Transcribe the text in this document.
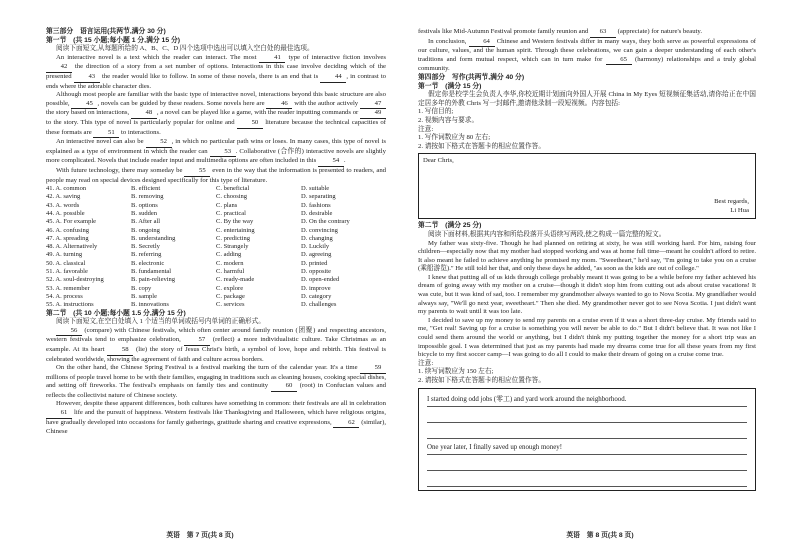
第三部分　语言运用(共两节,满分 30 分)

第一节　(共 15 小题;每小题 1 分,满分 15 分)

阅读下面短文,从每题所给的 A、B、C、D 四个选项中选出可以填入空白处的最佳选项。

An interactive novel is a text which the reader can interact. The most	41 type of interactive fiction involves 42 the direction of a story from a set number of options. Interactions in this case involve deciding which of the presented	43 the reader would like to follow. In some of these novels, there is an end that is	44 , in contrast to ends where the adorable character dies.

Although most people are familiar with the basic type of interactive novel, interactions beyond this basic structure are also possible, 45 , novels can be guided by these readers. Some novels here are 46 with the author actively 47 the story based on interactions, 48 , a novel can be played like a game, with the reader inputting commands or 49 to the story. This type of novel is particularly popular for online and	50 literature because the technical capacities of these formats are 51 to interactions.

An interactive novel can also be 52 , in which no particular path wins or loses. In many cases, this type of novel is explained as a type of environment in which the reader can 53 . Collaborative (合作的) interactive novels are slightly more complicated. Novels that include reader input and multimedia options are often included in this 54 .

With future technology, there may someday be 55 even in the way that the information is presented to readers, and people may read on special devices designed specifically for this type of literature.

41. A. common	B. efficient	C. beneficial	D. suitable
42. A. saving	B. removing	C. choosing	D. separating
43. A. words	B. options	C. plans	D. fashions
44. A. possible	B. sudden	C. practical	D. desirable
45. A. For example	B. After all	C. By the way	D. On the contrary
46. A. confusing	B. ongoing	C. entertaining	D. convincing
47. A. spreading	B. understanding	C. predicting	D. changing
48. A. Alternatively	B. Secretly	C. Strangely	D. Luckily
49. A. turning	B. referring	C. adding	D. agreeing
50. A. classical	B. electronic	C. modern	D. printed
51. A. favorable	B. fundamental	C. harmful	D. opposite
52. A. soul-destroying	B. pain-relieving	C. ready-made	D. open-ended
53. A. remember	B. copy	C. explore	D. improve
54. A. process	B. sample	C. package	D. category
55. A. instructions	B. innovations	C. services	D. challenges

第二节　(共 10 小题;每小题 1.5 分,满分 15 分)

阅读下面短文,在空白处填入 1 个适当的单词或括号内单词的正确形式。

56 (compare) with Chinese festivals, which often center around family reunion (团聚) and respecting ancestors, western festivals tend to emphasize celebration,	57 (reflect) a more individualistic culture. Take Christmas as an example. At its heart	58 (lie) the story of Jesus Christ's birth, a symbol of love, hope and rebirth. This festival is celebrated worldwide, showing the agreement of faith and culture across borders.

On the other hand, the Chinese Spring Festival is a festival marking the turn of the calendar year. It's a time	59 millions of people travel home to be with their families, engaging in traditions such as cleaning houses, cooking special dishes, and setting off fireworks. The festival's emphasis on family ties and continuity	60 (root) in Confucian values and reflects the collectivist nature of Chinese society.

However, despite these apparent differences, both cultures have something in common: their festivals are all in celebration 61 life and the pursuit of happiness. Western festivals like Thanksgiving and Halloween, which have religious origins, have gradually developed into occasions for family gatherings, gratitude sharing and creative expressions, 62 (similar), Chinese

英语　第 7 页(共 8 页)

festivals like Mid-Autumn Festival promote family reunion and 63 (appreciate) for nature's beauty.

In conclusion,	64 Chinese and Western festivals differ in many ways, they both serve as powerful expressions of our culture, values, and the human spirit. Through these celebrations, we can gain a deeper understanding of each other's traditions and form mutual respect, which can in turn make for	65 (harmony) relationships and a truly global community.

第四部分　写作(共两节,满分 40 分)

第一节　(满分 15 分)

假定你是校学生会负责人李华,你校近期计划面向外国人开展 China in My Eyes 短视频征集活动,请你给正在中国定居多年的外教 Chris 写一封邮件,邀请他录制一段短视频。内容包括:

1. 写信目的;

2. 视频内容与要求。

注意:

1. 写作词数应为 80 左右;

2. 请按如下格式在答题卡的相应位置作答。

Dear Chris,
Best regards,
Li Hua

第二节　(满分 25 分)

阅读下面材料,根据其内容和所给段落开头语续写两段,使之构成一篇完整的短文。

My father was sixty-five. Though he had planned on retiring at sixty, he was still working hard. For him, raising four children—especially now that my mother had stopped working and was at home full time—meant he couldn't afford to retire. It also meant he failed to achieve anything he promised my mom. "Sweetheart," he'd say, "I'm going to take you on a cruise (乘船游览)." He still told her that, and only these days he added, "as soon as the kids are out of college."

I knew that putting all of us kids through college probably meant it was going to be a while before my father achieved his dream of going away with my mother on a cruise—though it didn't stop him from cutting out ads about cruise vacations! It was cute, but it was kind of sad, too. I remember my grandmother always wanted to go to Nova Scotia. My grandfather would always say, "We'll go next year, sweetheart." Then she died. My grandmother never got to see Nova Scotia. I just didn't want my parents to wait until it was too late.

I decided to save up my money to send my parents on a cruise even if it was a short three-day cruise. My friends said to me, "Get real! Saving up for a cruise is something you will never be able to do." But I didn't believe that. It was not like I could send them around the world or anything, but I didn't think my putting together the money for a short trip was an impossible goal. I was determined that just as my parents had made my dreams come true for all these years from my first bicycle to my first soccer camp—I was going to do all I could to make their dream of going on a cruise come true.

注意:

1. 续写词数应为 150 左右;

2. 请按如下格式在答题卡的相应位置作答。

I started doing odd jobs (零工) and yard work around the neighborhood.
One year later, I finally saved up enough money!
英语　第 8 页(共 8 页)
